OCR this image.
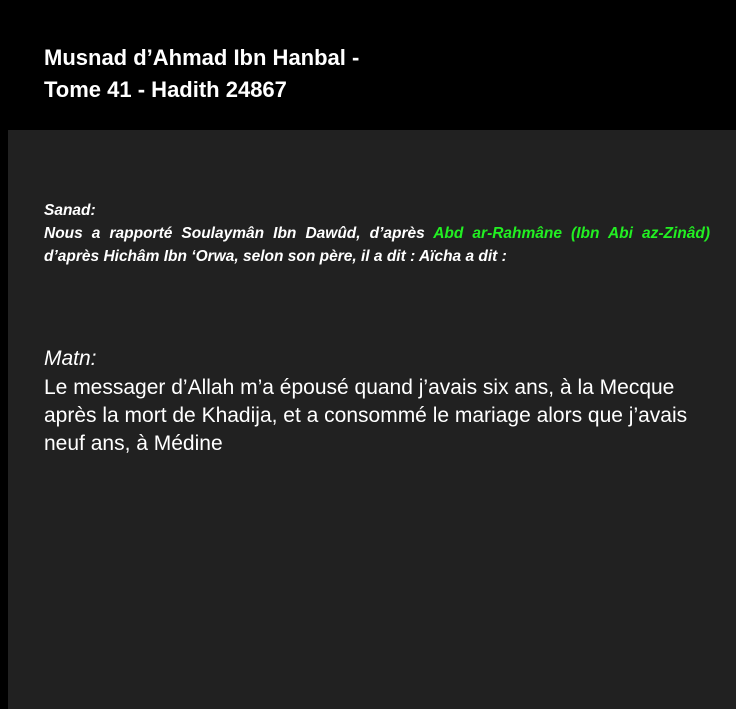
Musnad d’Ahmad Ibn Hanbal -
Tome 41 - Hadith 24867
Sanad:
Nous a rapporté Soulaymân Ibn Dawûd, d’après Abd ar-Rahmâne (Ibn Abi az-Zinâd) d’après Hichâm Ibn ‘Orwa, selon son père, il a dit : Aïcha a dit :
Matn:
Le messager d’Allah m’a épousé quand j’avais six ans, à la Mecque après la mort de Khadija, et a consommé le mariage alors que j’avais neuf ans, à Médine
